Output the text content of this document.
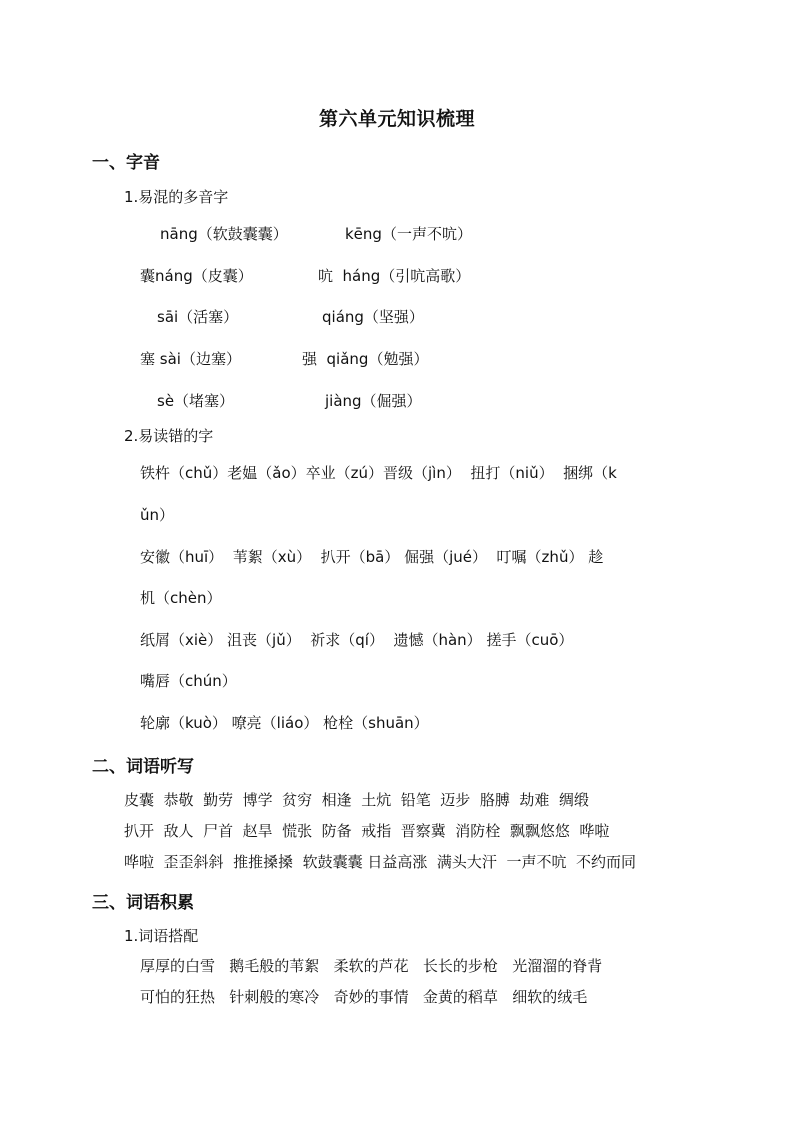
第六单元知识梳理
一、字音
1.易混的多音字
nāng（软鼓囊囊）	kēng（一声不吭）
囊náng（皮囊）	吭  háng（引吭高歌）
sāi（活塞）	qiáng（坚强）
塞 sài（边塞）	强  qiǎng（勉强）
sè（堵塞）	jiàng（倔强）
2.易读错的字
铁杵（chǔ）老媪（ǎo）卒业（zú）晋级（jìn）  扭打（niǔ）  捆绑（k
ǔn）
安徽（huī）  苇絮（xù）  扒开（bā） 倔强（jué）  叮嘱（zhǔ） 趁
机（chèn）
纸屑（xiè） 沮丧（jǔ）  祈求（qí）  遗憾（hàn） 搓手（cuō）
嘴唇（chún）
轮廓（kuò） 嘹亮（liáo） 枪栓（shuān）
二、词语听写
皮囊  恭敬  勤劳  博学  贫穷  相逢  土炕  铅笔  迈步  胳膊  劫难  绸缎
扒开  敌人  尸首  赵旱  慌张  防备  戒指  晋察冀  消防栓  飘飘悠悠  哗啦
哗啦  歪歪斜斜  推推搡搡  软鼓囊囊 日益高涨  满头大汗  一声不吭  不约而同
三、词语积累
1.词语搭配
厚厚的白雪   鹅毛般的苇絮   柔软的芦花   长长的步枪   光溜溜的脊背
可怕的狂热   针刺般的寒冷   奇妙的事情   金黄的稻草   细软的绒毛
